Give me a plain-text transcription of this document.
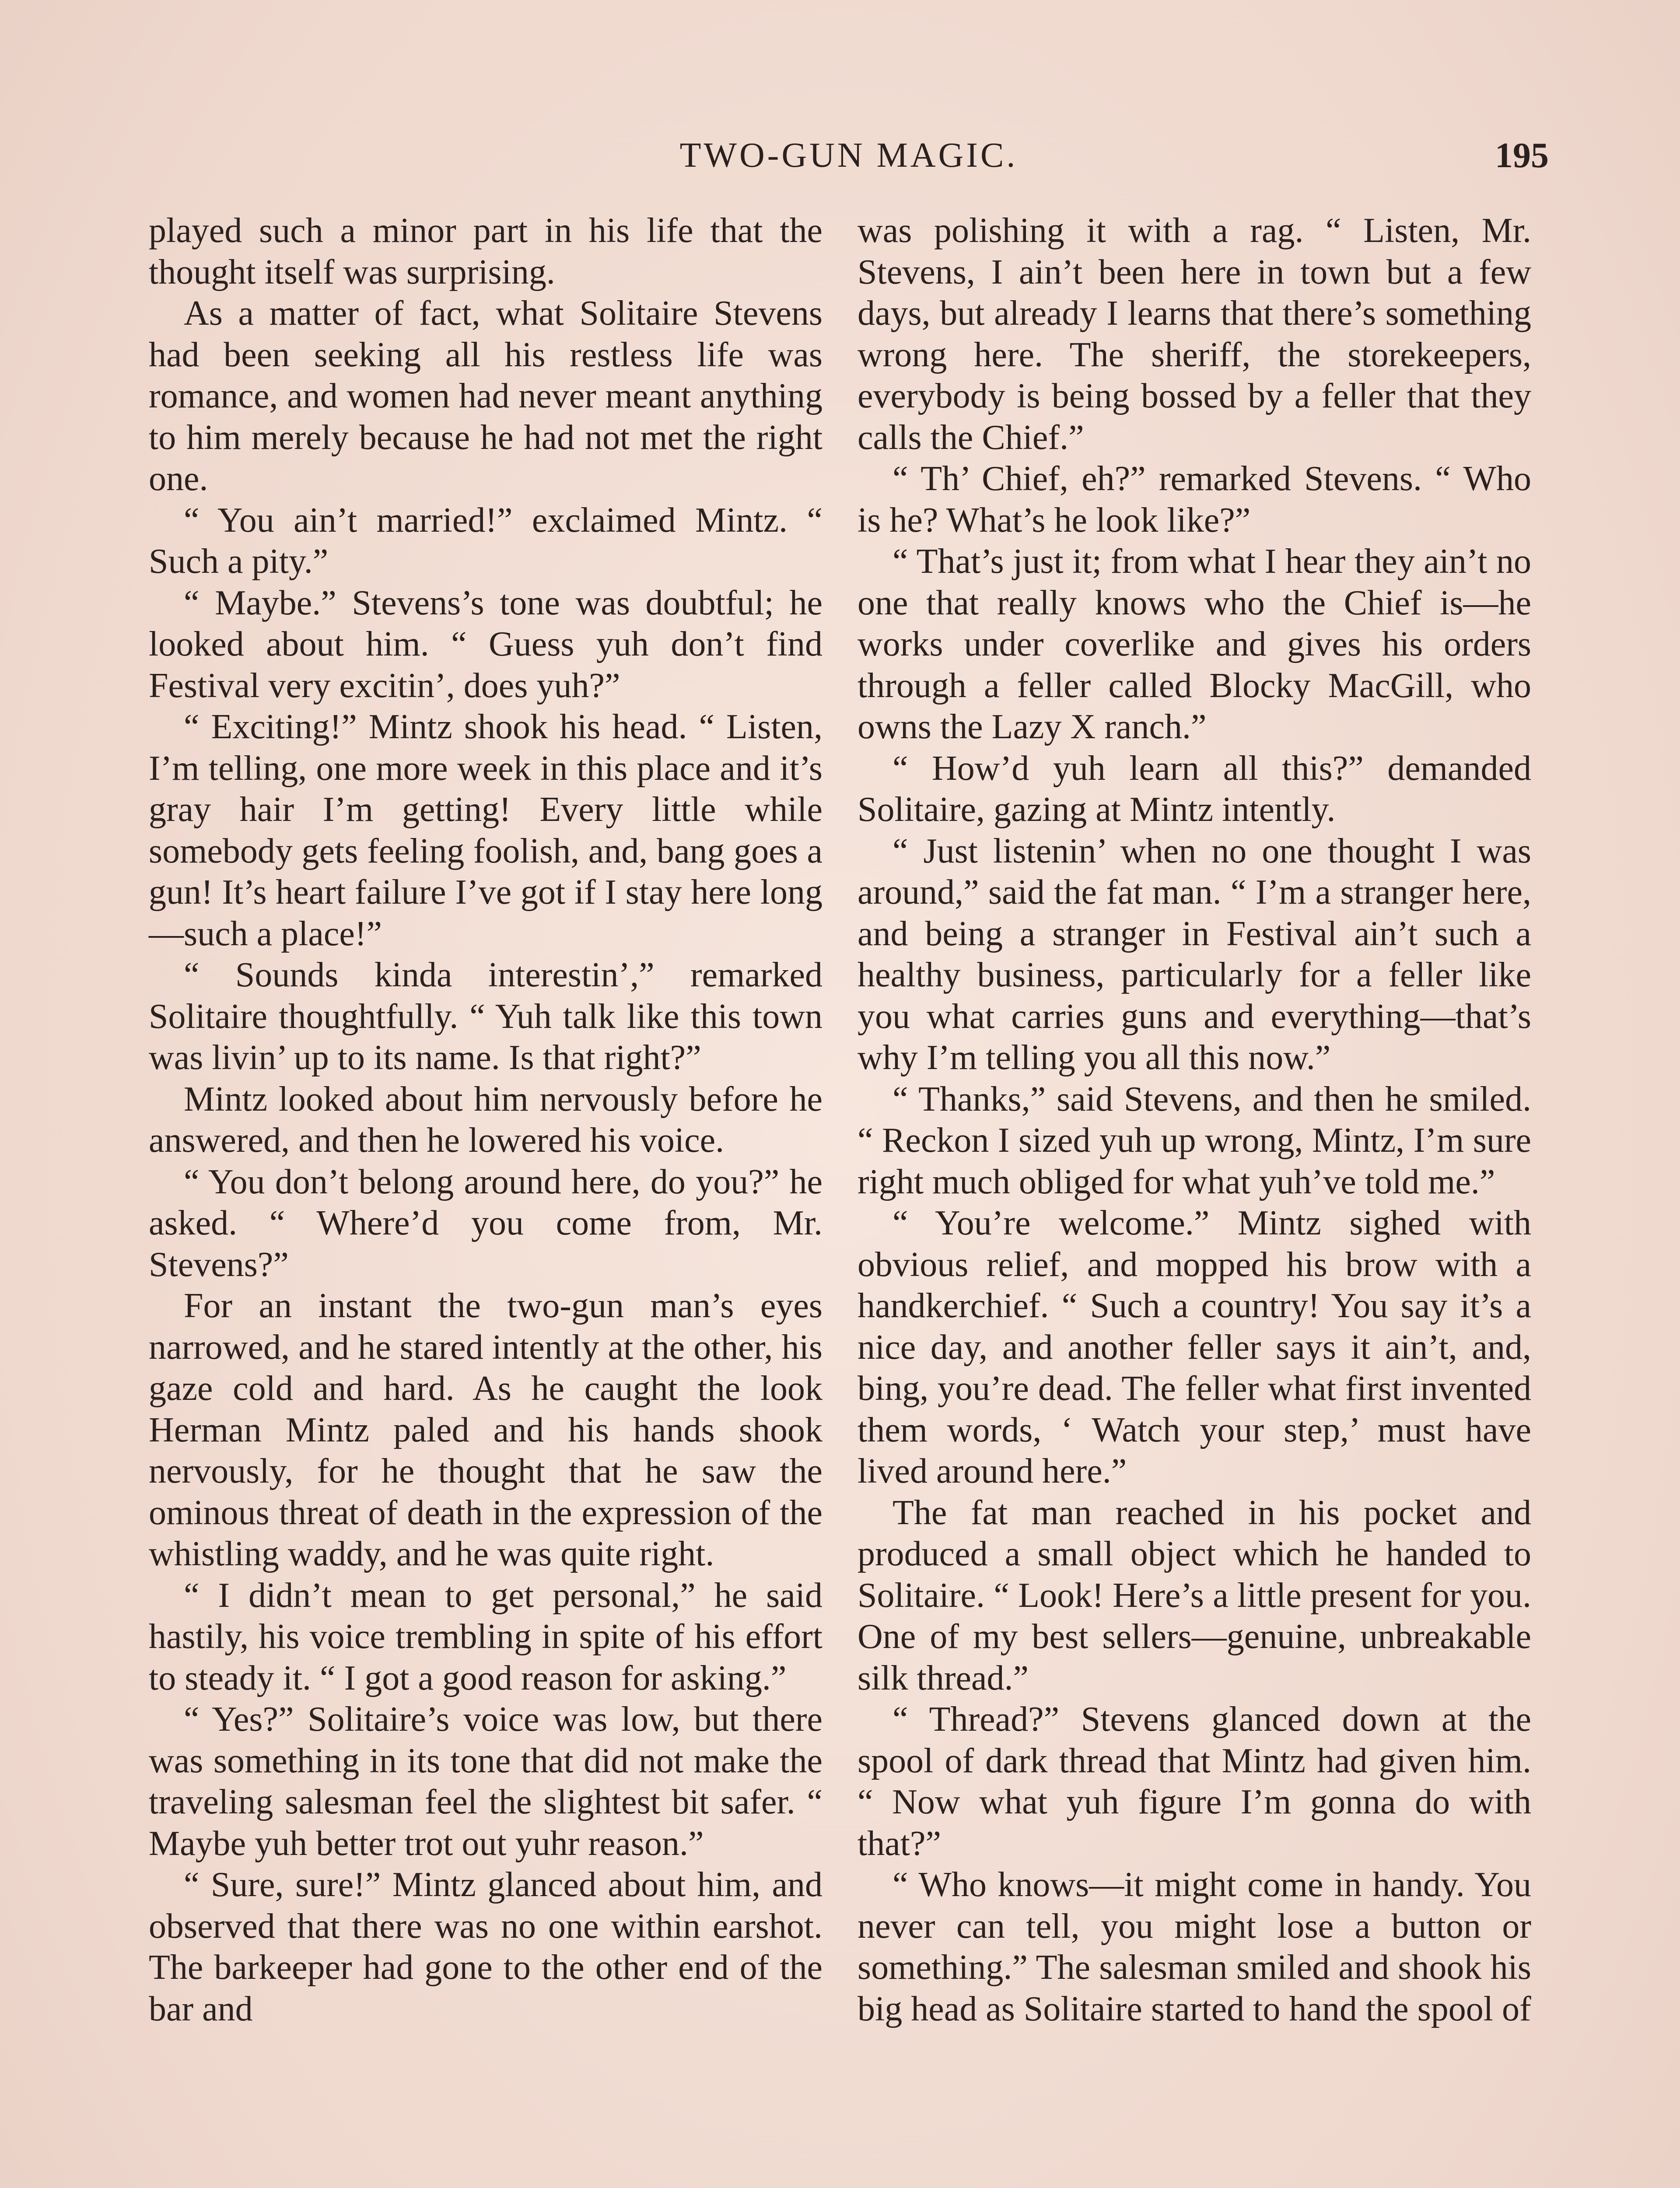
TWO-GUN MAGIC.	195

played such a minor part in his life that the thought itself was surprising.

As a matter of fact, what Solitaire Stevens had been seeking all his restless life was romance, and women had never meant anything to him merely because he had not met the right one.

“ You ain’t married!” exclaimed Mintz. “ Such a pity.”

“ Maybe.” Stevens’s tone was doubtful; he looked about him. “ Guess yuh don’t find Festival very excitin’, does yuh?”

“ Exciting!” Mintz shook his head. “ Listen, I’m telling, one more week in this place and it’s gray hair I’m getting! Every little while somebody gets feeling foolish, and, bang goes a gun! It’s heart failure I’ve got if I stay here long—such a place!”

“ Sounds kinda interestin’,” remarked Solitaire thoughtfully. “ Yuh talk like this town was livin’ up to its name. Is that right?”

Mintz looked about him nervously before he answered, and then he lowered his voice.

“ You don’t belong around here, do you?” he asked. “ Where’d you come from, Mr. Stevens?”

For an instant the two-gun man’s eyes narrowed, and he stared intently at the other, his gaze cold and hard. As he caught the look Herman Mintz paled and his hands shook nervously, for he thought that he saw the ominous threat of death in the expression of the whistling waddy, and he was quite right.

“ I didn’t mean to get personal,” he said hastily, his voice trembling in spite of his effort to steady it. “ I got a good reason for asking.”

“ Yes?” Solitaire’s voice was low, but there was something in its tone that did not make the traveling salesman feel the slightest bit safer. “ Maybe yuh better trot out yuhr reason.”

“ Sure, sure!” Mintz glanced about him, and observed that there was no one within earshot. The barkeeper had gone to the other end of the bar and

was polishing it with a rag. “ Listen, Mr. Stevens, I ain’t been here in town but a few days, but already I learns that there’s something wrong here. The sheriff, the storekeepers, everybody is being bossed by a feller that they calls the Chief.”

“ Th’ Chief, eh?” remarked Stevens. “ Who is he? What’s he look like?”

“ That’s just it; from what I hear they ain’t no one that really knows who the Chief is—he works under coverlike and gives his orders through a feller called Blocky MacGill, who owns the Lazy X ranch.”

“ How’d yuh learn all this?” demanded Solitaire, gazing at Mintz intently.

“ Just listenin’ when no one thought I was around,” said the fat man. “ I’m a stranger here, and being a stranger in Festival ain’t such a healthy business, particularly for a feller like you what carries guns and everything—that’s why I’m telling you all this now.”

“ Thanks,” said Stevens, and then he smiled. “ Reckon I sized yuh up wrong, Mintz, I’m sure right much obliged for what yuh’ve told me.”

“ You’re welcome.” Mintz sighed with obvious relief, and mopped his brow with a handkerchief. “ Such a country! You say it’s a nice day, and another feller says it ain’t, and, bing, you’re dead. The feller what first invented them words, ‘ Watch your step,’ must have lived around here.”

The fat man reached in his pocket and produced a small object which he handed to Solitaire. “ Look! Here’s a little present for you. One of my best sellers—genuine, unbreakable silk thread.”

“ Thread?” Stevens glanced down at the spool of dark thread that Mintz had given him. “ Now what yuh figure I’m gonna do with that?”

“ Who knows—it might come in handy. You never can tell, you might lose a button or something.” The salesman smiled and shook his big head as Solitaire started to hand the spool of
